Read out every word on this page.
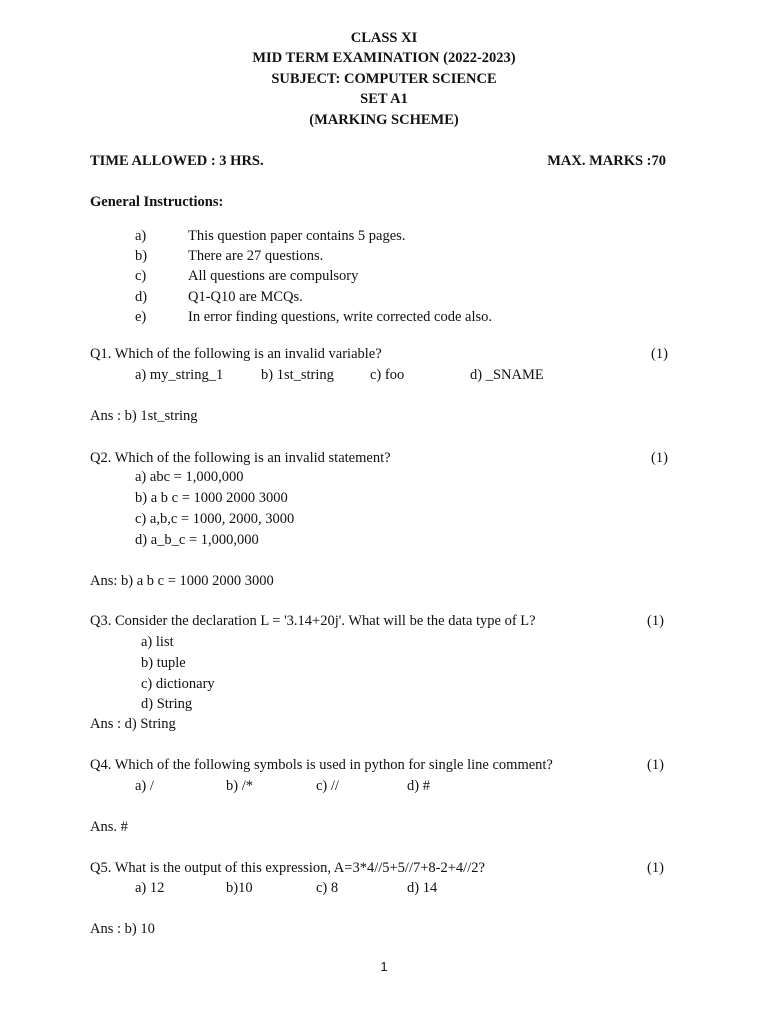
CLASS XI
MID TERM EXAMINATION (2022-2023)
SUBJECT: COMPUTER SCIENCE
SET A1
(MARKING SCHEME)
TIME ALLOWED : 3 HRS.	MAX. MARKS :70
General Instructions:
a)	This question paper contains 5 pages.
b)	There are 27 questions.
c)	All questions are compulsory
d)	Q1-Q10 are MCQs.
e)	In error finding questions, write corrected code also.
Q1. Which of the following is an invalid variable?	(1)
a) my_string_1	b) 1st_string c) foo	d) _SNAME
Ans : b) 1st_string
Q2. Which of the following is an invalid statement?	(1)
a) abc = 1,000,000
b) a b c = 1000 2000 3000
c) a,b,c = 1000, 2000, 3000
d) a_b_c = 1,000,000
Ans: b) a b c = 1000 2000 3000
Q3. Consider the declaration L = '3.14+20j'. What will be the data type of L?	(1)
a) list
b) tuple
c) dictionary
d) String
Ans : d) String
Q4. Which of the following symbols is used in python for single line comment?	(1)
a) /	b) /*	c) //	d) #
Ans. #
Q5. What is the output of this expression, A=3*4//5+5//7+8-2+4//2?	(1)
a) 12	b)10	c) 8	d) 14
Ans : b) 10
1
